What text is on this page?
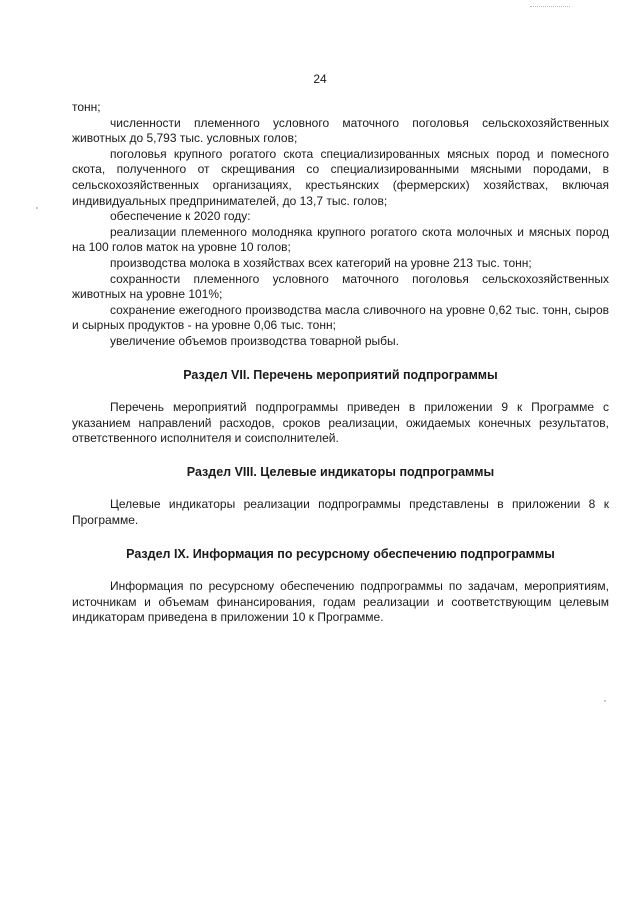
24

тонн;

численности племенного условного маточного поголовья сельскохозяйственных животных до 5,793 тыс. условных голов;

поголовья крупного рогатого скота специализированных мясных пород и помесного скота, полученного от скрещивания со специализированными мясными породами, в сельскохозяйственных организациях, крестьянских (фермерских) хозяйствах, включая индивидуальных предпринимателей, до 13,7 тыс. голов;

обеспечение к 2020 году:

реализации племенного молодняка крупного рогатого скота молочных и мясных пород на 100 голов маток на уровне 10 голов;

производства молока в хозяйствах всех категорий на уровне 213 тыс. тонн;

сохранности племенного условного маточного поголовья сельскохозяйственных животных на уровне 101%;

сохранение ежегодного производства масла сливочного на уровне 0,62 тыс. тонн, сыров и сырных продуктов - на уровне 0,06 тыс. тонн;

увеличение объемов производства товарной рыбы.

Раздел VII. Перечень мероприятий подпрограммы

Перечень мероприятий подпрограммы приведен в приложении 9 к Программе с указанием направлений расходов, сроков реализации, ожидаемых конечных результатов, ответственного исполнителя и соисполнителей.

Раздел VIII. Целевые индикаторы подпрограммы

Целевые индикаторы реализации подпрограммы представлены в приложении 8 к Программе.

Раздел IX. Информация по ресурсному обеспечению подпрограммы

Информация по ресурсному обеспечению подпрограммы по задачам, мероприятиям, источникам и объемам финансирования, годам реализации и соответствующим целевым индикаторам приведена в приложении 10 к Программе.
